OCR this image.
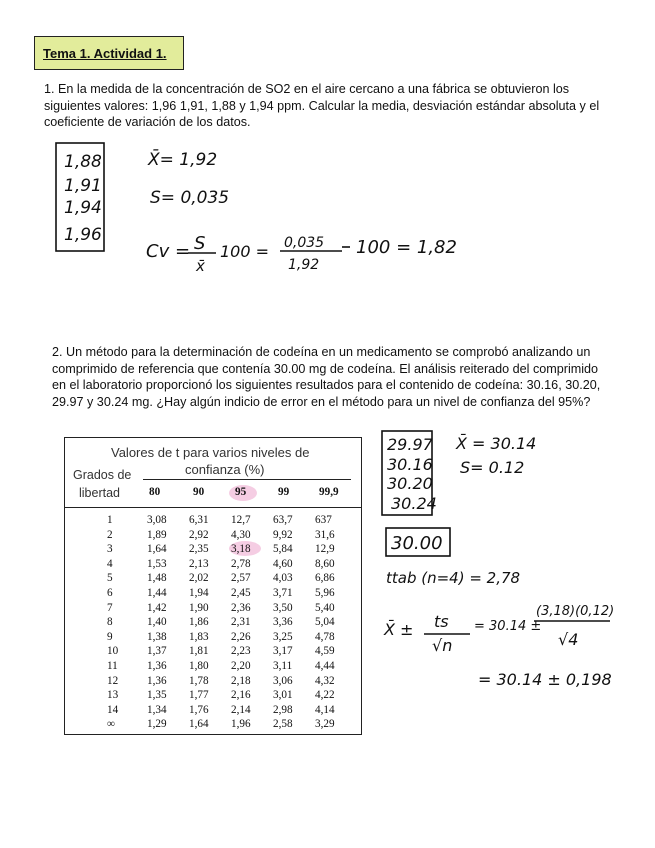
Tema 1. Actividad 1.

1. En la medida de la concentración de SO2 en el aire cercano a una fábrica se obtuvieron los siguientes valores: 1,96 1,91, 1,88 y 1,94 ppm. Calcular la media, desviación estándar absoluta y el coeficiente de variación de los datos.

1,88
1,91
1,94
1,96
X̄= 1,92
S= 0,035
Cv = S
x̄
100 = 0,035
1,92
100 = 1,82

2. Un método para la determinación de codeína en un medicamento se comprobó analizando un comprimido de referencia que contenía 30.00 mg de codeína. El análisis reiterado del comprimido en el laboratorio proporcionó los siguientes resultados para el contenido de codeína: 30.16, 30.20, 29.97 y 30.24 mg. ¿Hay algún indicio de error en el método para un nivel de confianza del 95%?

Valores de t para varios niveles de
confianza (%)
Grados de
libertad	80	90	95	99	99,9
1	3,08 6,31 12,7 63,7 637
2	1,89 2,92 4,30 9,92 31,6
3	1,64 2,35 3,18 5,84 12,9
4	1,53 2,13 2,78 4,60 8,60
5	1,48 2,02 2,57 4,03 6,86
6	1,44 1,94 2,45 3,71 5,96
7	1,42 1,90 2,36 3,50 5,40
8	1,40 1,86 2,31 3,36 5,04
9	1,38 1,83 2,26 3,25 4,78
10	1,37 1,81 2,23 3,17 4,59
11	1,36 1,80 2,20 3,11 4,44
12	1,36 1,78 2,18 3,06 4,32
13	1,35 1,77 2,16 3,01 4,22
14	1,34 1,76 2,14 2,98 4,14
∞	1,29 1,64 1,96 2,58 3,29
29.97
30.16
30.20
30.24
X̄ = 30.14
S= 0.12
30.00
ttab (n=4) = 2,78
X̄ ± ts
√n
= 30.14 ±
(3,18)(0,12)
√4
= 30.14 ± 0,198
